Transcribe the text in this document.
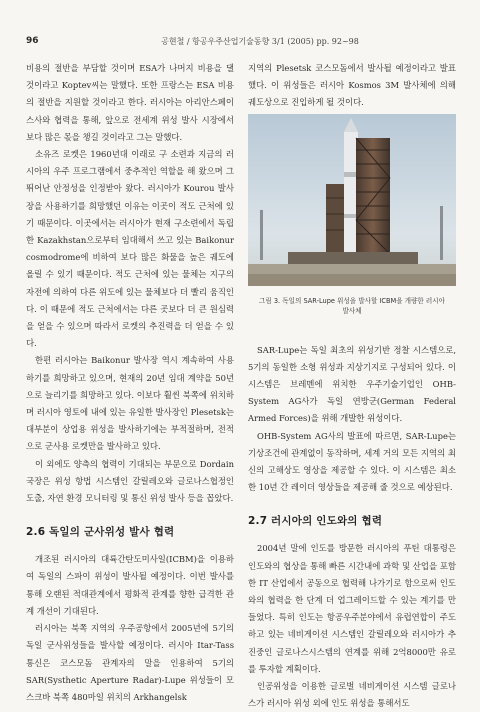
96	공현철 / 항공우주산업기술동향 3/1 (2005) pp. 92~98

비용의 절반을 부담할 것이며 ESA가 나머지 비용을 댈 것이라고 Koptev씨는 말했다. 또한 프랑스는 ESA 비용의 절반을 지원할 것이라고 한다. 러시아는 아리안스페이스사와 협력을 통해, 앞으로 전세계 위성 발사 시장에서 보다 많은 몫을 챙길 것이라고 그는 말했다.

소유즈 로켓은 1960년대 이래로 구 소련과 지금의 러시아의 우주 프로그램에서 중추적인 역할을 해 왔으며 그 뛰어난 안정성을 인정받아 왔다. 러시아가 Kourou 발사장을 사용하기를 희망했던 이유는 이곳이 적도 근처에 있기 때문이다. 이곳에서는 러시아가 현재 구소련에서 독립한 Kazakhstan으로부터 임대해서 쓰고 있는 Baikonur cosmodrome에 비하여 보다 많은 화물을 높은 궤도에 올릴 수 있기 때문이다. 적도 근처에 있는 물체는 지구의 자전에 의하여 다른 위도에 있는 물체보다 더 빨리 움직인다. 이 때문에 적도 근처에서는 다른 곳보다 더 큰 원심력을 얻을 수 있으며 따라서 로켓의 추진력을 더 얻을 수 있다.

한편 러시아는 Baikonur 발사장 역시 계속하여 사용하기를 희망하고 있으며, 현재의 20년 임대 계약을 50년으로 늘리기를 희망하고 있다. 이보다 훨씬 북쪽에 위치하며 러시아 영토에 내에 있는 유일한 발사장인 Plesetsk는 대부분이 상업용 위성을 발사하기에는 부적절하며, 전적으로 군사용 로켓만을 발사하고 있다.

이 외에도 양측의 협력이 기대되는 부문으로 Dordain 국장은 위성 항법 시스템인 갈릴레오와 글로나스협정인 도출, 자연 환경 모니터링 및 통신 위성 발사 등을 꼽았다.

2.6 독일의 군사위성 발사 협력

개조된 러시아의 대륙간탄도미사일(ICBM)을 이용하여 독일의 스파이 위성이 발사될 예정이다. 이번 발사를 통해 오랜된 적대관계에서 평화적 관계를 향한 급격한 관계 개선이 기대된다.

러시아는 북쪽 지역의 우주공항에서 2005년에 5기의 독일 군사위성들을 발사할 예정이다. 러시아 Itar-Tass 통신은 코스모돔 관계자의 말을 인용하여 5기의 SAR(Systhetic Aperture Radar)-Lupe 위성들이 모스크바 북쪽 480마일 위치의 Arkhangelsk

지역의 Plesetsk 코스모돔에서 발사될 예정이라고 발표했다. 이 위성들은 러시아 Kosmos 3M 발사체에 의해 궤도상으로 진입하게 될 것이다.

그림 3. 독일의 SAR-Lupe 위성을 발사할 ICBM을 개량한 러시아 발사체

SAR-Lupe는 독일 최초의 위성기반 정찰 시스템으로, 5기의 동일한 소형 위성과 지상기지로 구성되어 있다. 이 시스템은 브레멘에 위치한 우주기술기업인 OHB-System AG사가 독일 연방군(German Federal Armed Forces)을 위해 개발한 위성이다.

OHB-System AG사의 발표에 따르면, SAR-Lupe는 기상조건에 관계없이 동작하며, 세계 거의 모든 지역의 최신의 고해상도 영상을 제공할 수 있다. 이 시스템은 최소한 10년 간 레이더 영상들을 제공해 줄 것으로 예상된다.

2.7 러시아의 인도와의 협력

2004년 말에 인도를 방문한 러시아의 푸틴 대통령은 인도와의 협상을 통해 빠른 시간내에 과학 및 산업을 포함한 IT 산업에서 공동으로 협력해 나가기로 함으로써 인도와의 협력을 한 단계 더 업그레이드할 수 있는 계기를 만들었다. 특히 인도는 항공우주분야에서 유럽연합이 주도하고 있는 네비게이션 시스템인 갈릴레오와 러시아가 추진중인 글로나스시스템의 연계를 위해 2억8000만 유로를 투자할 계획이다.

인공위성을 이용한 글로벌 네비게이션 시스템 글로나스가 러시아 위성 외에 인도 위성을 통해서도
